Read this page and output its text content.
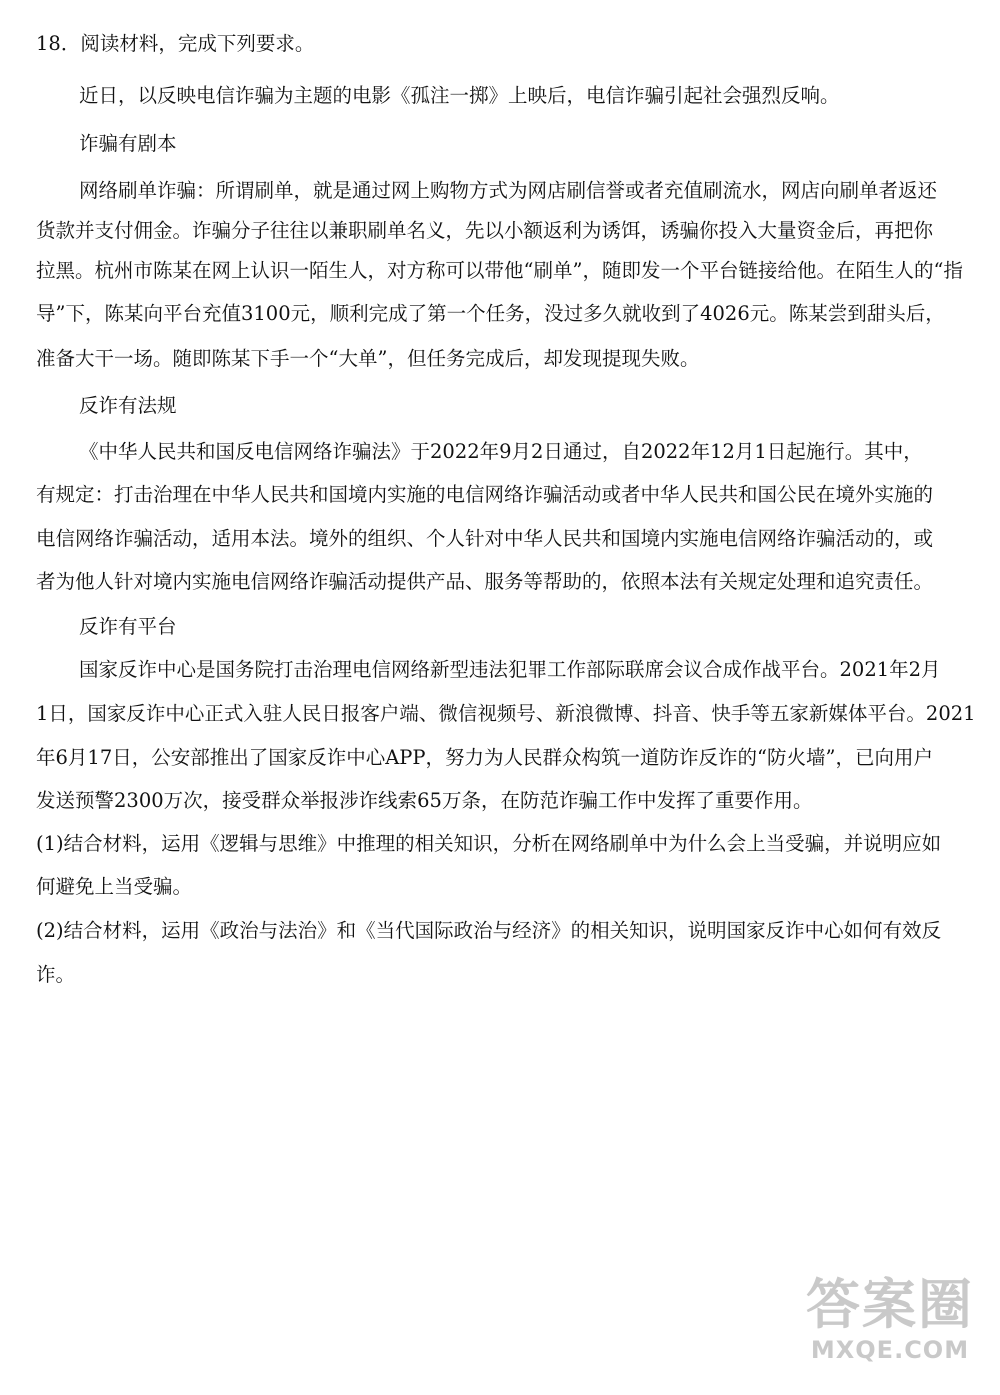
18．阅读材料，完成下列要求。

近日，以反映电信诈骗为主题的电影《孤注一掷》上映后，电信诈骗引起社会强烈反响。

诈骗有剧本

网络刷单诈骗：所谓刷单，就是通过网上购物方式为网店刷信誉或者充值刷流水，网店向刷单者返还

货款并支付佣金。诈骗分子往往以兼职刷单名义，先以小额返利为诱饵，诱骗你投入大量资金后，再把你

拉黑。杭州市陈某在网上认识一陌生人，对方称可以带他“刷单”，随即发一个平台链接给他。在陌生人的“指

导”下，陈某向平台充值3100元，顺利完成了第一个任务，没过多久就收到了4026元。陈某尝到甜头后，

准备大干一场。随即陈某下手一个“大单”，但任务完成后，却发现提现失败。

反诈有法规

《中华人民共和国反电信网络诈骗法》于2022年9月2日通过，自2022年12月1日起施行。其中，

有规定：打击治理在中华人民共和国境内实施的电信网络诈骗活动或者中华人民共和国公民在境外实施的

电信网络诈骗活动，适用本法。境外的组织、个人针对中华人民共和国境内实施电信网络诈骗活动的，或

者为他人针对境内实施电信网络诈骗活动提供产品、服务等帮助的，依照本法有关规定处理和追究责任。

反诈有平台

国家反诈中心是国务院打击治理电信网络新型违法犯罪工作部际联席会议合成作战平台。2021年2月

1日，国家反诈中心正式入驻人民日报客户端、微信视频号、新浪微博、抖音、快手等五家新媒体平台。2021

年6月17日，公安部推出了国家反诈中心APP，努力为人民群众构筑一道防诈反诈的“防火墙”，已向用户

发送预警2300万次，接受群众举报涉诈线索65万条，在防范诈骗工作中发挥了重要作用。

(1)结合材料，运用《逻辑与思维》中推理的相关知识，分析在网络刷单中为什么会上当受骗，并说明应如

何避免上当受骗。

(2)结合材料，运用《政治与法治》和《当代国际政治与经济》的相关知识，说明国家反诈中心如何有效反

诈。

答案圈
MXQE.COM
